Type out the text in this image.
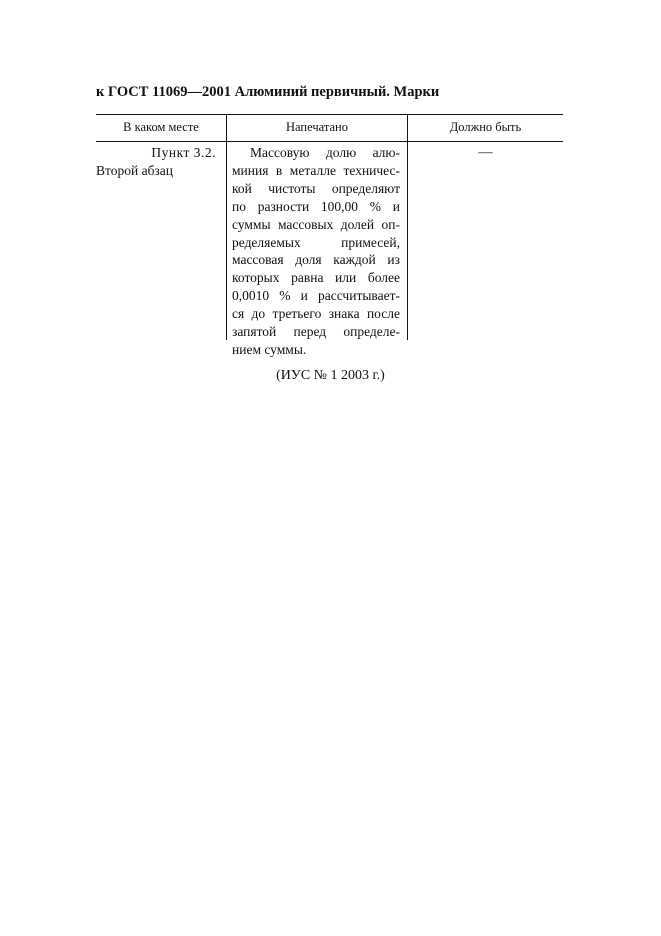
к ГОСТ 11069—2001 Алюминий первичный. Марки
В каком месте	Напечатано	Должно быть
Пункт 3.2.
Второй абзац
Массовую долю алю-
миния в металле техничес-
кой чистоты определяют
по разности 100,00 % и
суммы массовых долей оп-
ределяемых примесей,
массовая доля каждой из
которых равна или более
0,0010 % и рассчитывает-
ся до третьего знака после
запятой перед определе-
нием суммы.
—
(ИУС № 1 2003 г.)
